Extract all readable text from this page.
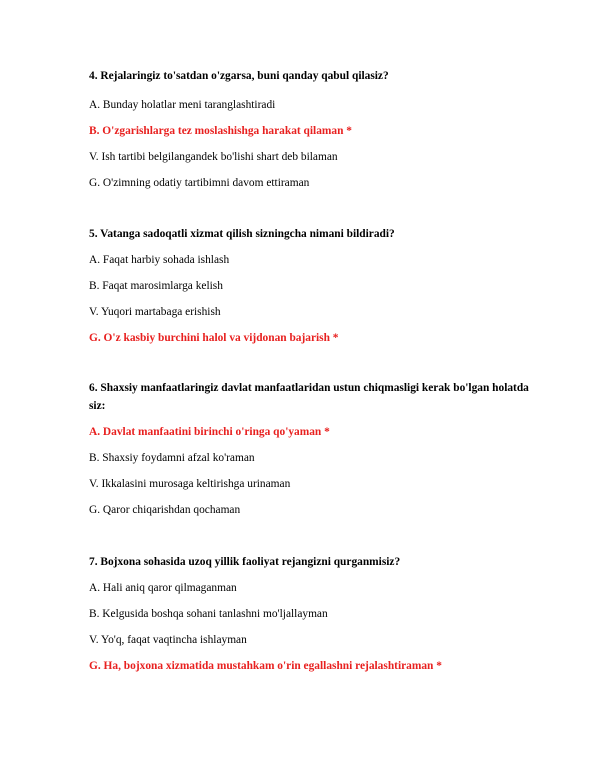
4. Rejalaringiz to'satdan o'zgarsa, buni qanday qabul qilasiz?
A. Bunday holatlar meni taranglashtiradi
B. O'zgarishlarga tez moslashishga harakat qilaman *
V. Ish tartibi belgilangandek bo'lishi shart deb bilaman
G. O'zimning odatiy tartibimni davom ettiraman
5. Vatanga sadoqatli xizmat qilish sizningcha nimani bildiradi?
A. Faqat harbiy sohada ishlash
B. Faqat marosimlarga kelish
V. Yuqori martabaga erishish
G. O'z kasbiy burchini halol va vijdonan bajarish *
6. Shaxsiy manfaatlaringiz davlat manfaatlaridan ustun chiqmasligi kerak bo'lgan holatda siz:
A. Davlat manfaatini birinchi o'ringa qo'yaman *
B. Shaxsiy foydamni afzal ko'raman
V. Ikkalasini murosaga keltirishga urinaman
G. Qaror chiqarishdan qochaman
7. Bojxona sohasida uzoq yillik faoliyat rejangizni qurganmisiz?
A. Hali aniq qaror qilmaganman
B. Kelgusida boshqa sohani tanlashni mo'ljallayman
V. Yo'q, faqat vaqtincha ishlayman
G. Ha, bojxona xizmatida mustahkam o'rin egallashni rejalashtiraman *
